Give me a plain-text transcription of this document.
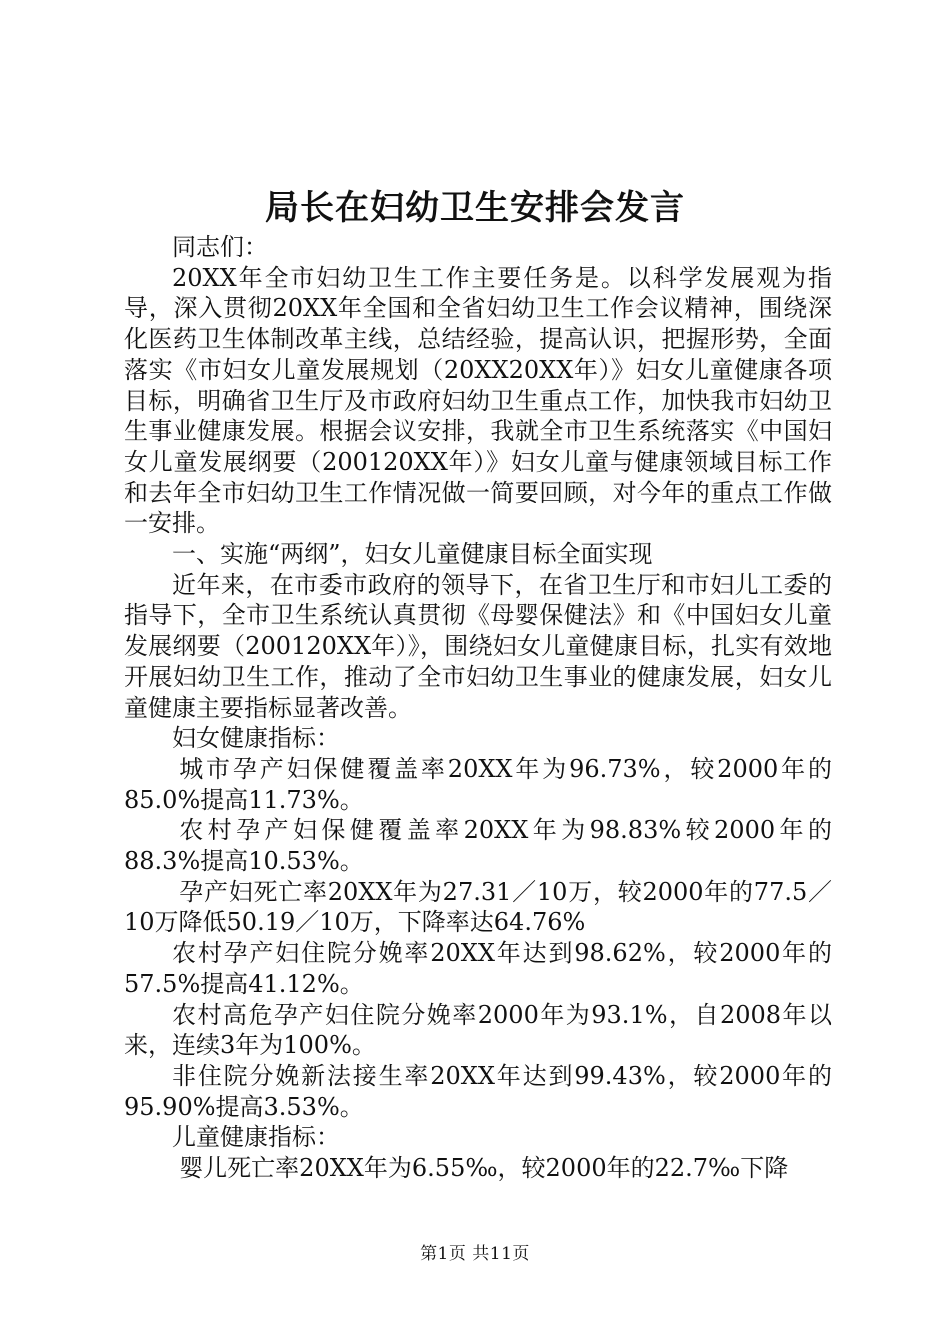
局长在妇幼卫生安排会发言

同志们：

20XX年全市妇幼卫生工作主要任务是。以科学发展观为指导，深入贯彻20XX年全国和全省妇幼卫生工作会议精神，围绕深化医药卫生体制改革主线，总结经验，提高认识，把握形势，全面落实《市妇女儿童发展规划（20XX20XX年）》妇女儿童健康各项目标，明确省卫生厅及市政府妇幼卫生重点工作，加快我市妇幼卫生事业健康发展。根据会议安排，我就全市卫生系统落实《中国妇女儿童发展纲要（200120XX年）》妇女儿童与健康领域目标工作和去年全市妇幼卫生工作情况做一简要回顾，对今年的重点工作做一安排。

一、实施“两纲”，妇女儿童健康目标全面实现

近年来，在市委市政府的领导下，在省卫生厅和市妇儿工委的指导下，全市卫生系统认真贯彻《母婴保健法》和《中国妇女儿童发展纲要（200120XX年）》，围绕妇女儿童健康目标，扎实有效地开展妇幼卫生工作，推动了全市妇幼卫生事业的健康发展，妇女儿童健康主要指标显著改善。

妇女健康指标：

城市孕产妇保健覆盖率20XX年为96.73%，较2000年的85.0%提高11.73%。

农村孕产妇保健覆盖率20XX年为98.83%较2000年的88.3%提高10.53%。

孕产妇死亡率20XX年为27.31／10万，较2000年的77.5／10万降低50.19／10万，下降率达64.76%

农村孕产妇住院分娩率20XX年达到98.62%，较2000年的57.5%提高41.12%。

农村高危孕产妇住院分娩率2000年为93.1%，自2008年以来，连续3年为100%。

非住院分娩新法接生率20XX年达到99.43%，较2000年的95.90%提高3.53%。

儿童健康指标：

婴儿死亡率20XX年为6.55‰，较2000年的22.7‰下降

第1页 共11页
